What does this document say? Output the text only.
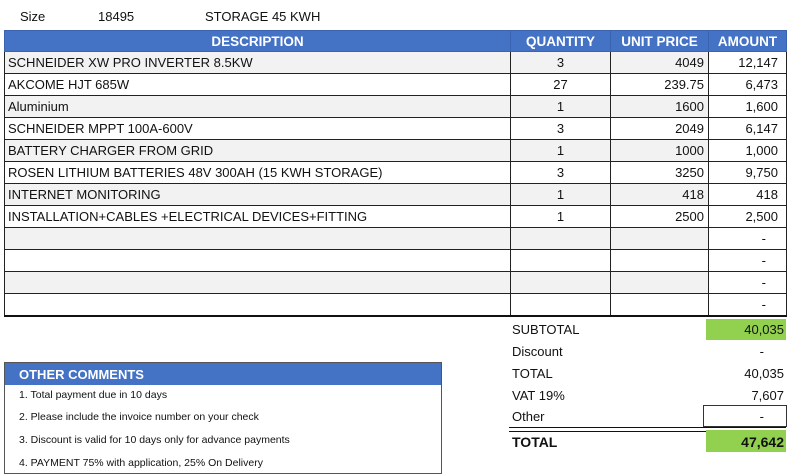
Size	18495	STORAGE 45 KWH
DESCRIPTION	QUANTITY	UNIT PRICE	AMOUNT
SCHNEIDER XW PRO INVERTER 8.5KW	3	4049	12,147
AKCOME HJT 685W	27	239.75	6,473
Aluminium	1	1600	1,600
SCHNEIDER MPPT 100A-600V	3	2049	6,147
BATTERY CHARGER FROM GRID	1	1000	1,000
ROSEN LITHIUM BATTERIES 48V 300AH (15 KWH STORAGE)	3	3250	9,750
INTERNET MONITORING	1	418	418
INSTALLATION+CABLES +ELECTRICAL DEVICES+FITTING	1	2500	2,500
			-
			-
			-
			-
SUBTOTAL	40,035
Discount	-
TOTAL	40,035
VAT 19%	7,607
Other	-
TOTAL	47,642
OTHER COMMENTS
1. Total payment due in 10 days
2. Please include the invoice number on your check
3. Discount is valid for 10 days only for advance payments
4. PAYMENT 75% with application, 25% On Delivery
